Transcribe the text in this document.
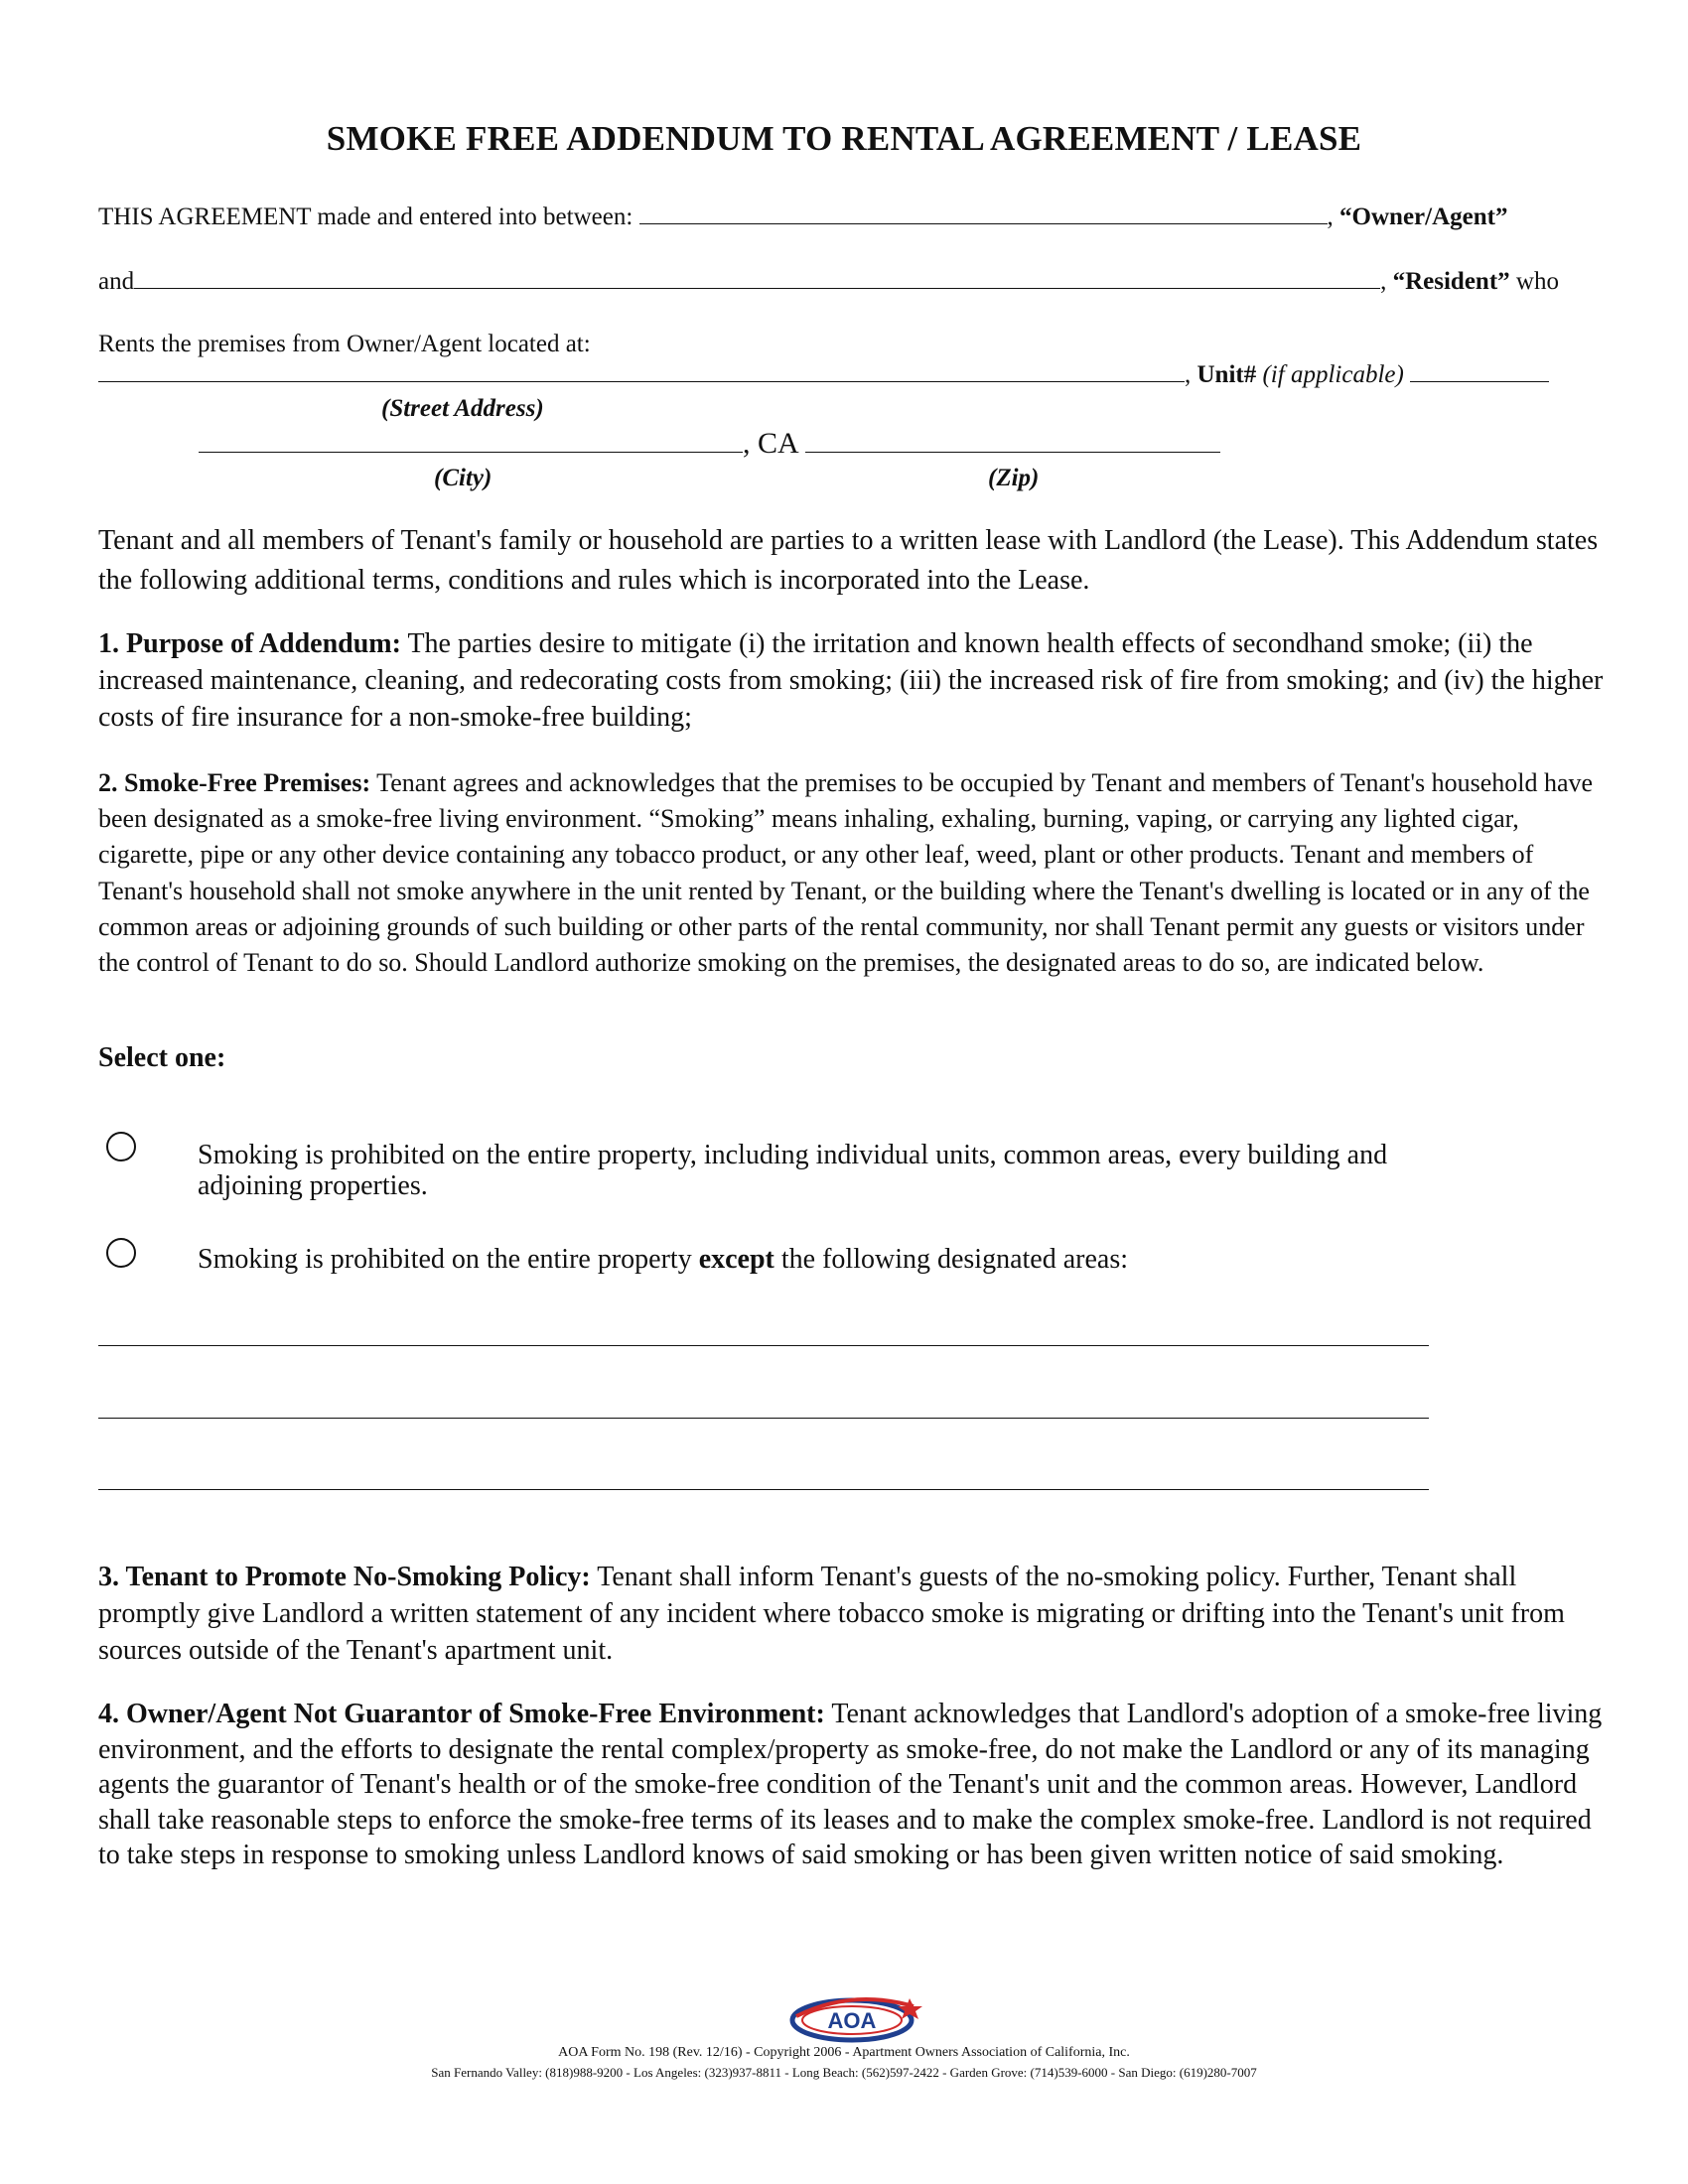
SMOKE FREE ADDENDUM TO RENTAL AGREEMENT / LEASE
THIS AGREEMENT made and entered into between:	, “Owner/Agent”
and	, “Resident” who
Rents the premises from Owner/Agent located at:
, Unit# (if applicable)
(Street Address)
, CA
(City)	(Zip)

Tenant and all members of Tenant's family or household are parties to a written lease with Landlord (the Lease). This Addendum states the following additional terms, conditions and rules which is incorporated into the Lease.

1. Purpose of Addendum: The parties desire to mitigate (i) the irritation and known health effects of secondhand smoke; (ii) the increased maintenance, cleaning, and redecorating costs from smoking; (iii) the increased risk of fire from smoking; and (iv) the higher costs of fire insurance for a non-smoke-free building;

2. Smoke-Free Premises: Tenant agrees and acknowledges that the premises to be occupied by Tenant and members of Tenant's household have been designated as a smoke-free living environment. “Smoking” means inhaling, exhaling, burning, vaping, or carrying any lighted cigar, cigarette, pipe or any other device containing any tobacco product, or any other leaf, weed, plant or other products. Tenant and members of Tenant's household shall not smoke anywhere in the unit rented by Tenant, or the building where the Tenant's dwelling is located or in any of the common areas or adjoining grounds of such building or other parts of the rental community, nor shall Tenant permit any guests or visitors under the control of Tenant to do so. Should Landlord authorize smoking on the premises, the designated areas to do so, are indicated below.

Select one:
Smoking is prohibited on the entire property, including individual units, common areas, every building and adjoining properties.
Smoking is prohibited on the entire property except the following designated areas:

3. Tenant to Promote No-Smoking Policy: Tenant shall inform Tenant's guests of the no-smoking policy. Further, Tenant shall promptly give Landlord a written statement of any incident where tobacco smoke is migrating or drifting into the Tenant's unit from sources outside of the Tenant's apartment unit.

4. Owner/Agent Not Guarantor of Smoke-Free Environment: Tenant acknowledges that Landlord's adoption of a smoke-free living environment, and the efforts to designate the rental complex/property as smoke-free, do not make the Landlord or any of its managing agents the guarantor of Tenant's health or of the smoke-free condition of the Tenant's unit and the common areas. However, Landlord shall take reasonable steps to enforce the smoke-free terms of its leases and to make the complex smoke-free. Landlord is not required to take steps in response to smoking unless Landlord knows of said smoking or has been given written notice of said smoking.

AOA
AOA Form No. 198 (Rev. 12/16) - Copyright 2006 - Apartment Owners Association of California, Inc.
San Fernando Valley: (818)988-9200 - Los Angeles: (323)937-8811 - Long Beach: (562)597-2422 - Garden Grove: (714)539-6000 - San Diego: (619)280-7007
